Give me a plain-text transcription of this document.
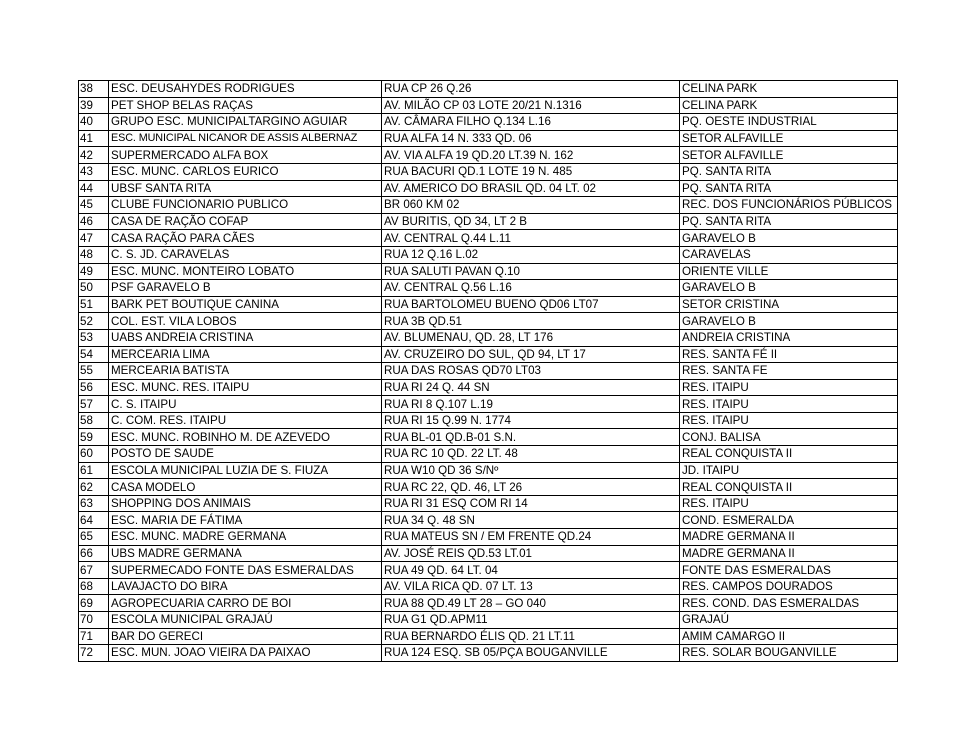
38	ESC. DEUSAHYDES RODRIGUES	RUA CP 26 Q.26	CELINA PARK
39	PET SHOP BELAS RAÇAS	AV. MILÃO CP 03 LOTE 20/21 N.1316	CELINA PARK
40	GRUPO ESC. MUNICIPALTARGINO AGUIAR	AV. CÂMARA FILHO Q.134 L.16	PQ. OESTE INDUSTRIAL
41	ESC. MUNICIPAL NICANOR DE ASSIS ALBERNAZ	RUA ALFA 14 N. 333 QD. 06	SETOR ALFAVILLE
42	SUPERMERCADO ALFA BOX	AV. VIA ALFA 19 QD.20 LT.39 N. 162	SETOR ALFAVILLE
43	ESC. MUNC. CARLOS EURICO	RUA BACURI QD.1 LOTE 19 N. 485	PQ. SANTA RITA
44	UBSF SANTA RITA	AV. AMERICO DO BRASIL QD. 04 LT. 02	PQ. SANTA RITA
45	CLUBE FUNCIONARIO PUBLICO	BR 060 KM 02	REC. DOS FUNCIONÁRIOS PÚBLICOS
46	CASA DE RAÇÃO COFAP	AV BURITIS, QD 34, LT 2 B	PQ. SANTA RITA
47	CASA RAÇÃO PARA CÃES	AV. CENTRAL Q.44 L.11	GARAVELO B
48	C. S. JD. CARAVELAS	RUA 12 Q.16 L.02	CARAVELAS
49	ESC. MUNC. MONTEIRO LOBATO	RUA SALUTI PAVAN Q.10	ORIENTE VILLE
50	PSF GARAVELO B	AV. CENTRAL Q.56 L.16	GARAVELO B
51	BARK PET BOUTIQUE CANINA	RUA BARTOLOMEU BUENO QD06 LT07	SETOR CRISTINA
52	COL. EST. VILA LOBOS	RUA 3B QD.51	GARAVELO B
53	UABS ANDREIA CRISTINA	AV. BLUMENAU, QD. 28, LT 176	ANDREIA CRISTINA
54	MERCEARIA LIMA	AV. CRUZEIRO DO SUL, QD 94, LT 17	RES. SANTA FÉ II
55	MERCEARIA BATISTA	RUA DAS ROSAS QD70 LT03	RES. SANTA FE
56	ESC. MUNC. RES. ITAIPU	RUA RI 24 Q. 44 SN	RES. ITAIPU
57	C. S. ITAIPU	RUA RI 8 Q.107 L.19	RES. ITAIPU
58	C. COM. RES. ITAIPU	RUA RI 15 Q.99 N. 1774	RES. ITAIPU
59	ESC. MUNC. ROBINHO M. DE AZEVEDO	RUA BL-01 QD.B-01 S.N.	CONJ. BALISA
60	POSTO DE SAUDE	RUA RC 10 QD. 22 LT. 48	REAL CONQUISTA II
61	ESCOLA MUNICIPAL LUZIA DE S. FIUZA	RUA W10 QD 36 S/Nº	JD. ITAIPU
62	CASA MODELO	RUA RC 22, QD. 46, LT 26	REAL CONQUISTA II
63	SHOPPING DOS ANIMAIS	RUA RI 31 ESQ COM RI 14	RES. ITAIPU
64	ESC. MARIA DE FÁTIMA	RUA 34 Q. 48 SN	COND. ESMERALDA
65	ESC. MUNC. MADRE GERMANA	RUA MATEUS SN / EM FRENTE QD.24	MADRE GERMANA II
66	UBS MADRE GERMANA	AV. JOSÉ REIS QD.53 LT.01	MADRE GERMANA II
67	SUPERMECADO FONTE DAS ESMERALDAS	RUA 49 QD. 64 LT. 04	FONTE DAS ESMERALDAS
68	LAVAJACTO DO BIRA	AV. VILA RICA QD. 07 LT. 13	RES. CAMPOS DOURADOS
69	AGROPECUARIA CARRO DE BOI	RUA 88 QD.49 LT 28 – GO 040	RES. COND. DAS ESMERALDAS
70	ESCOLA MUNICIPAL GRAJAÚ	RUA G1 QD.APM11	GRAJAÚ
71	BAR DO GERECI	RUA BERNARDO ÉLIS QD. 21 LT.11	AMIM CAMARGO II
72	ESC. MUN. JOAO VIEIRA DA PAIXAO	RUA 124 ESQ. SB 05/PÇA BOUGANVILLE	RES. SOLAR BOUGANVILLE
